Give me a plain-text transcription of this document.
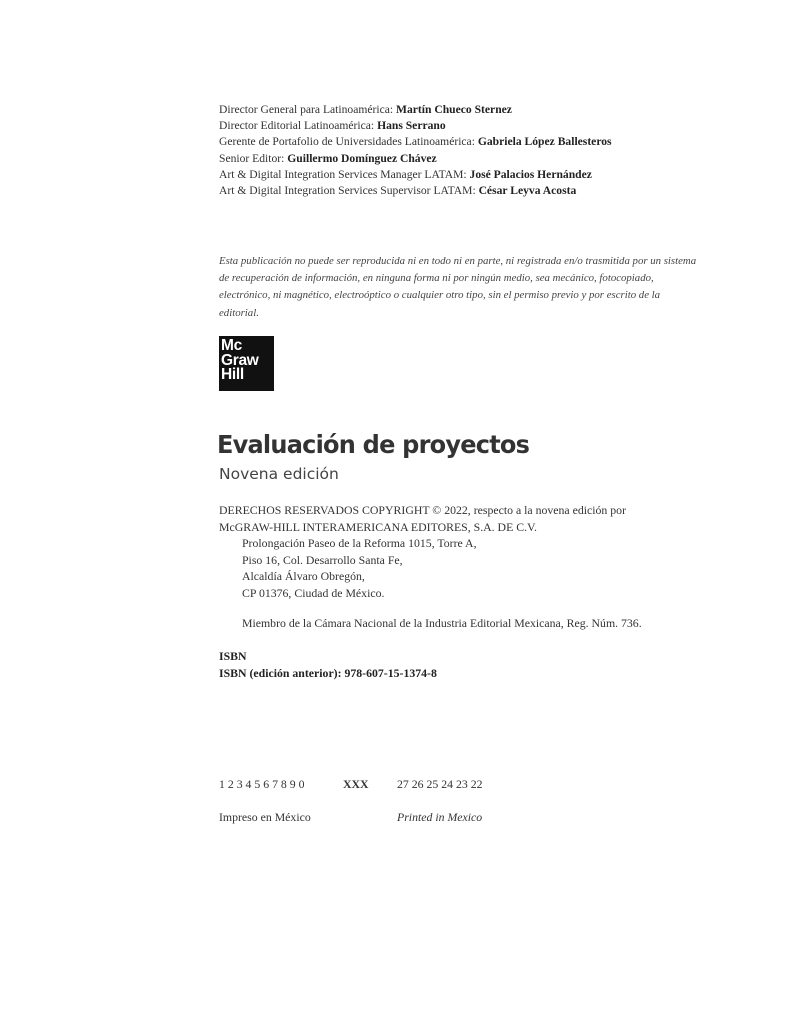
Director General para Latinoamérica: Martín Chueco Sternez
Director Editorial Latinoamérica: Hans Serrano
Gerente de Portafolio de Universidades Latinoamérica: Gabriela López Ballesteros
Senior Editor: Guillermo Domínguez Chávez
Art & Digital Integration Services Manager LATAM: José Palacios Hernández
Art & Digital Integration Services Supervisor LATAM: César Leyva Acosta
Esta publicación no puede ser reproducida ni en todo ni en parte, ni registrada en/o trasmitida por un sistema de recuperación de información, en ninguna forma ni por ningún medio, sea mecánico, fotocopiado, electrónico, ni magnético, electroóptico o cualquier otro tipo, sin el permiso previo y por escrito de la editorial.
Mc
Graw
Hill
Evaluación de proyectos
Novena edición
DERECHOS RESERVADOS COPYRIGHT © 2022, respecto a la novena edición por
McGRAW-HILL INTERAMERICANA EDITORES, S.A. DE C.V.
Prolongación Paseo de la Reforma 1015, Torre A,
Piso 16, Col. Desarrollo Santa Fe,
Alcaldía Álvaro Obregón,
CP 01376, Ciudad de México.
Miembro de la Cámara Nacional de la Industria Editorial Mexicana, Reg. Núm. 736.
ISBN
ISBN (edición anterior): 978-607-15-1374-8
1 2 3 4 5 6 7 8 9 0	XXX 27 26 25 24 23 22
Impreso en México	Printed in Mexico
